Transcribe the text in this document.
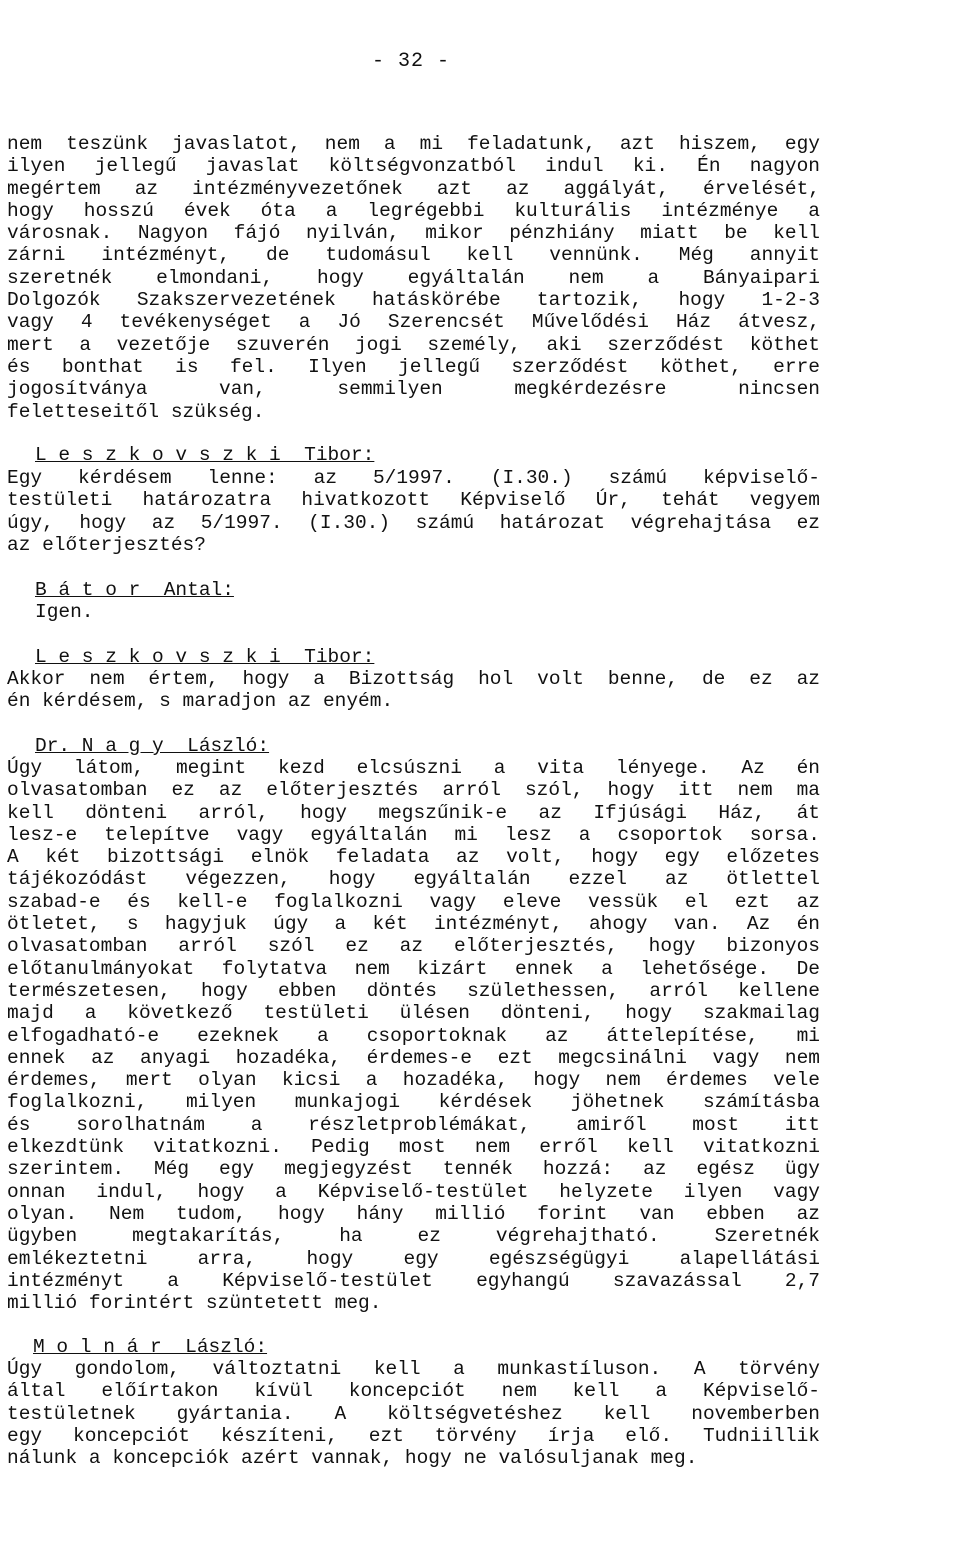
- 32 -
nem teszünk javaslatot, nem a mi feladatunk, azt hiszem, egy
ilyen jellegű javaslat költségvonzatból indul ki. Én nagyon
megértem az intézményvezetőnek azt az aggályát, érvelését,
hogy hosszú évek óta a legrégebbi kulturális intézménye a
városnak. Nagyon fájó nyilván, mikor pénzhiány miatt be kell
zárni intézményt, de tudomásul kell vennünk. Még annyit
szeretnék elmondani, hogy egyáltalán nem a Bányaipari
Dolgozók Szakszervezetének hatáskörébe tartozik, hogy 1-2-3
vagy 4 tevékenységet a Jó Szerencsét Művelődési Ház átvesz,
mert a vezetője szuverén jogi személy, aki szerződést köthet
és bonthat is fel. Ilyen jellegű szerződést köthet, erre
jogosítványa van, semmilyen megkérdezésre nincsen
feletteseitől szükség.
L e s z k o v s z k i  Tibor:
Egy kérdésem lenne: az 5/1997. (I.30.) számú képviselő-
testületi határozatra hivatkozott Képviselő Úr, tehát vegyem
úgy, hogy az 5/1997. (I.30.) számú határozat végrehajtása ez
az előterjesztés?
B á t o r  Antal:
Igen.
L e s z k o v s z k i  Tibor:
Akkor nem értem, hogy a Bizottság hol volt benne, de ez az
én kérdésem, s maradjon az enyém.
Dr. N a g y  László:
Úgy látom, megint kezd elcsúszni a vita lényege. Az én
olvasatomban ez az előterjesztés arról szól, hogy itt nem ma
kell dönteni arról, hogy megszűnik-e az Ifjúsági Ház, át
lesz-e telepítve vagy egyáltalán mi lesz a csoportok sorsa.
A két bizottsági elnök feladata az volt, hogy egy előzetes
tájékozódást végezzen, hogy egyáltalán ezzel az ötlettel
szabad-e és kell-e foglalkozni vagy eleve vessük el ezt az
ötletet, s hagyjuk úgy a két intézményt, ahogy van. Az én
olvasatomban arról szól ez az előterjesztés, hogy bizonyos
előtanulmányokat folytatva nem kizárt ennek a lehetősége. De
természetesen, hogy ebben döntés születhessen, arról kellene
majd a következő testületi ülésen dönteni, hogy szakmailag
elfogadható-e ezeknek a csoportoknak az áttelepítése, mi
ennek az anyagi hozadéka, érdemes-e ezt megcsinálni vagy nem
érdemes, mert olyan kicsi a hozadéka, hogy nem érdemes vele
foglalkozni, milyen munkajogi kérdések jöhetnek számításba
és sorolhatnám a részletproblémákat, amiről most itt
elkezdtünk vitatkozni. Pedig most nem erről kell vitatkozni
szerintem. Még egy megjegyzést tennék hozzá: az egész ügy
onnan indul, hogy a Képviselő-testület helyzete ilyen vagy
olyan. Nem tudom, hogy hány millió forint van ebben az
ügyben megtakarítás, ha ez végrehajtható. Szeretnék
emlékeztetni arra, hogy egy egészségügyi alapellátási
intézményt a Képviselő-testület egyhangú szavazással 2,7
millió forintért szüntetett meg.
M o l n á r  László:
Úgy gondolom, változtatni kell a munkastíluson. A törvény
által előírtakon kívül koncepciót nem kell a Képviselő-
testületnek gyártania. A költségvetéshez kell novemberben
egy koncepciót készíteni, ezt törvény írja elő. Tudniillik
nálunk a koncepciók azért vannak, hogy ne valósuljanak meg.
